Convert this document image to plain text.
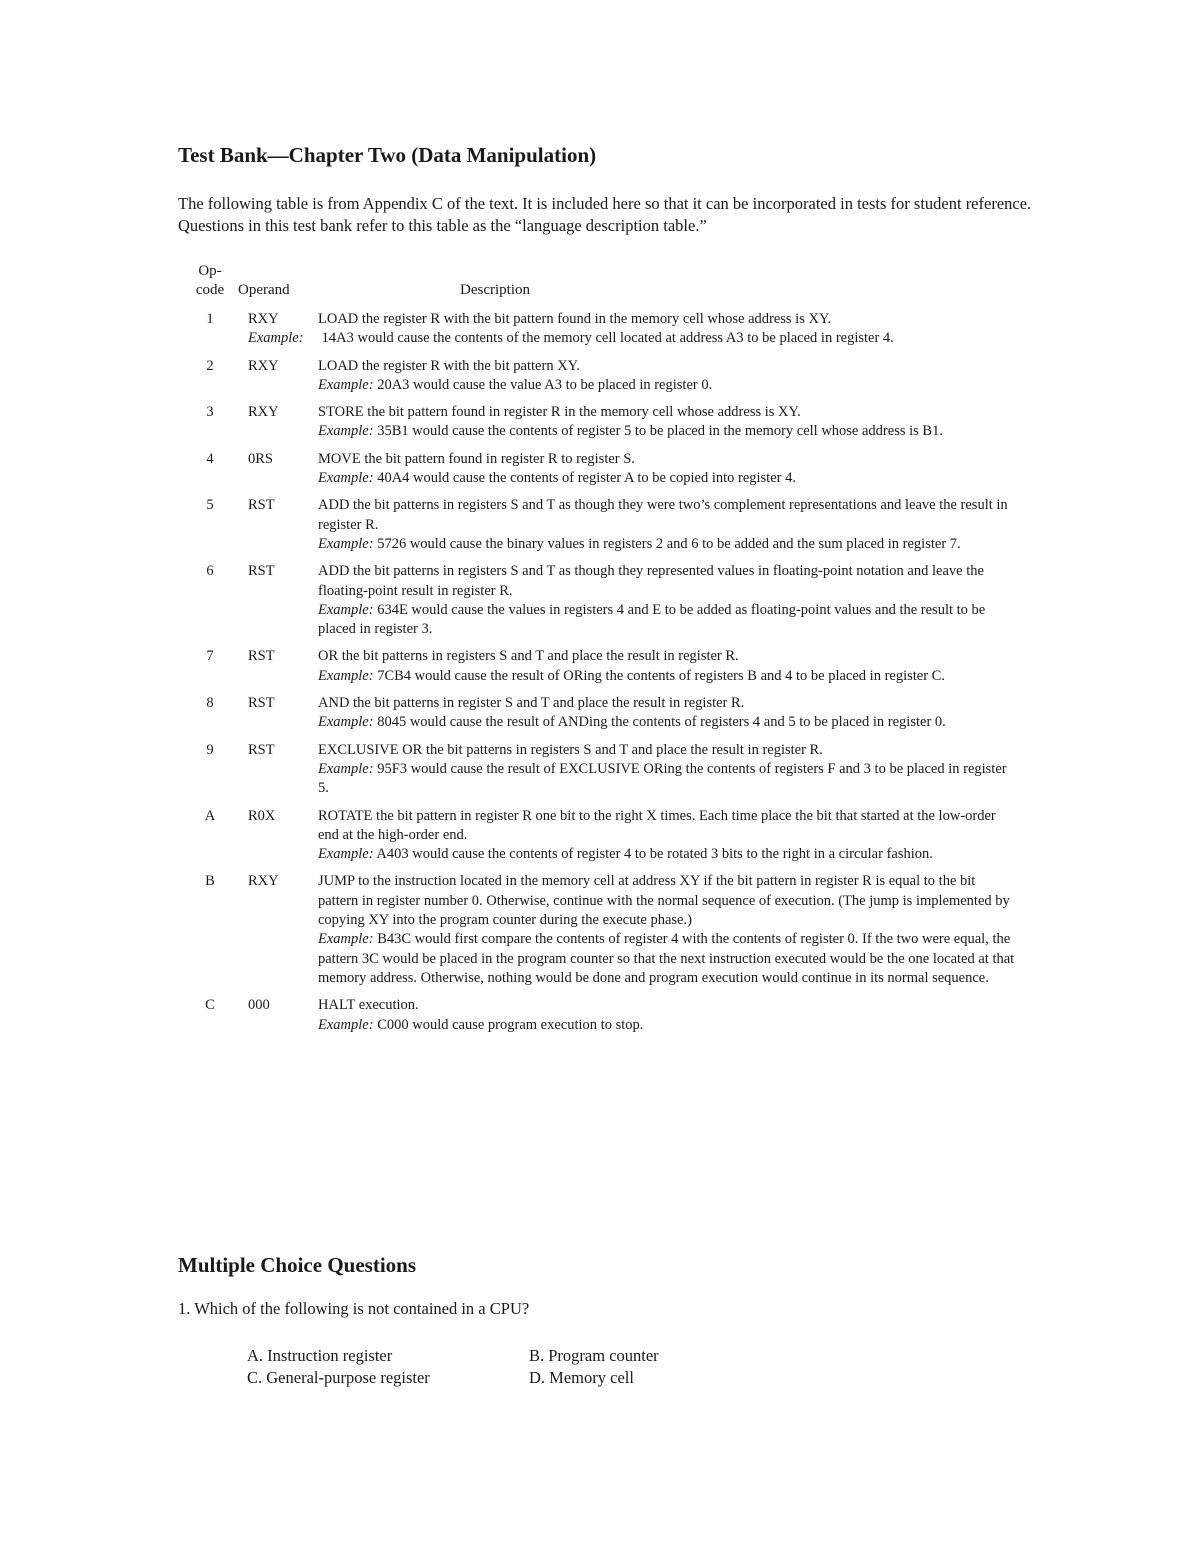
Test Bank—Chapter Two (Data Manipulation)

The following table is from Appendix C of the text. It is included here so that it can be incorporated in tests for student reference. Questions in this test bank refer to this table as the “language description table.”

Op-
code	Operand	Description
1	RXY	LOAD the register R with the bit pattern found in the memory cell whose address is XY.
Example: 14A3 would cause the contents of the memory cell located at address A3 to be placed in register 4.
2	RXY	LOAD the register R with the bit pattern XY.
Example: 20A3 would cause the value A3 to be placed in register 0.
3	RXY	STORE the bit pattern found in register R in the memory cell whose address is XY.
Example: 35B1 would cause the contents of register 5 to be placed in the memory cell whose address is B1.
4	0RS	MOVE the bit pattern found in register R to register S.
Example: 40A4 would cause the contents of register A to be copied into register 4.
5	RST	ADD the bit patterns in registers S and T as though they were two’s complement representations and leave the result in register R.
Example: 5726 would cause the binary values in registers 2 and 6 to be added and the sum placed in register 7.
6	RST	ADD the bit patterns in registers S and T as though they represented values in floating-point notation and leave the floating-point result in register R.
Example: 634E would cause the values in registers 4 and E to be added as floating-point values and the result to be placed in register 3.
7	RST	OR the bit patterns in registers S and T and place the result in register R.
Example: 7CB4 would cause the result of ORing the contents of registers B and 4 to be placed in register C.
8	RST	AND the bit patterns in register S and T and place the result in register R.
Example: 8045 would cause the result of ANDing the contents of registers 4 and 5 to be placed in register 0.
9	RST	EXCLUSIVE OR the bit patterns in registers S and T and place the result in register R.
Example: 95F3 would cause the result of EXCLUSIVE ORing the contents of registers F and 3 to be placed in register 5.
A	R0X	ROTATE the bit pattern in register R one bit to the right X times. Each time place the bit that started at the low-order end at the high-order end.
Example: A403 would cause the contents of register 4 to be rotated 3 bits to the right in a circular fashion.
B	RXY	JUMP to the instruction located in the memory cell at address XY if the bit pattern in register R is equal to the bit pattern in register number 0. Otherwise, continue with the normal sequence of execution. (The jump is implemented by copying XY into the program counter during the execute phase.)
Example: B43C would first compare the contents of register 4 with the contents of register 0. If the two were equal, the pattern 3C would be placed in the program counter so that the next instruction executed would be the one located at that memory address. Otherwise, nothing would be done and program execution would continue in its normal sequence.
C	000	HALT execution.
Example: C000 would cause program execution to stop.
Multiple Choice Questions

1. Which of the following is not contained in a CPU?

A. Instruction register	B. Program counter
C. General-purpose register	D. Memory cell
